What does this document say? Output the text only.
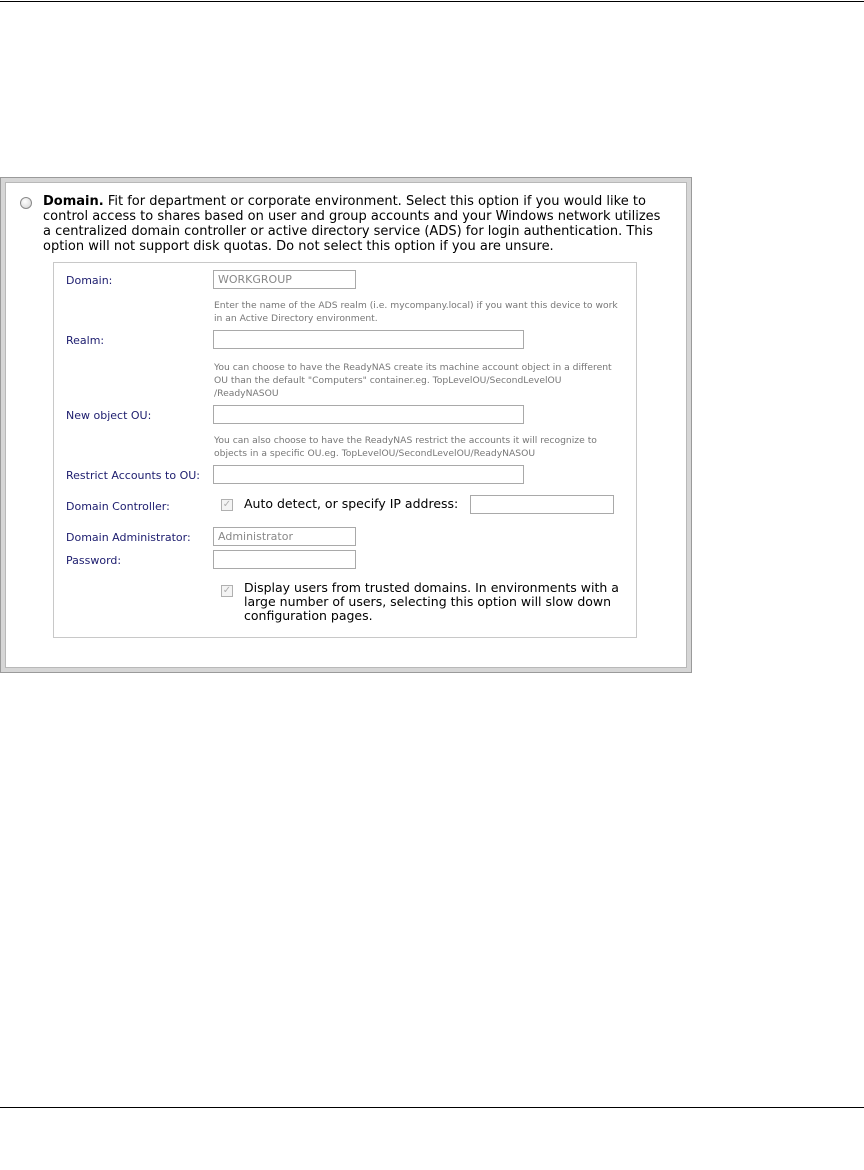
Domain. Fit for department or corporate environment. Select this option if you would like to control access to shares based on user and group accounts and your Windows network utilizes a centralized domain controller or active directory service (ADS) for login authentication. This option will not support disk quotas. Do not select this option if you are unsure.
Domain:
WORKGROUP
Enter the name of the ADS realm (i.e. mycompany.local) if you want this device to work in an Active Directory environment.
Realm:
You can choose to have the ReadyNAS create its machine account object in a different OU than the default "Computers" container.eg. TopLevelOU/SecondLevelOU /ReadyNASOU
New object OU:
You can also choose to have the ReadyNAS restrict the accounts it will recognize to objects in a specific OU.eg. TopLevelOU/SecondLevelOU/ReadyNASOU
Restrict Accounts to OU:
Domain Controller:	✓ Auto detect, or specify IP address:
Domain Administrator:
Administrator
Password:
✓ Display users from trusted domains. In environments with a large number of users, selecting this option will slow down configuration pages.
